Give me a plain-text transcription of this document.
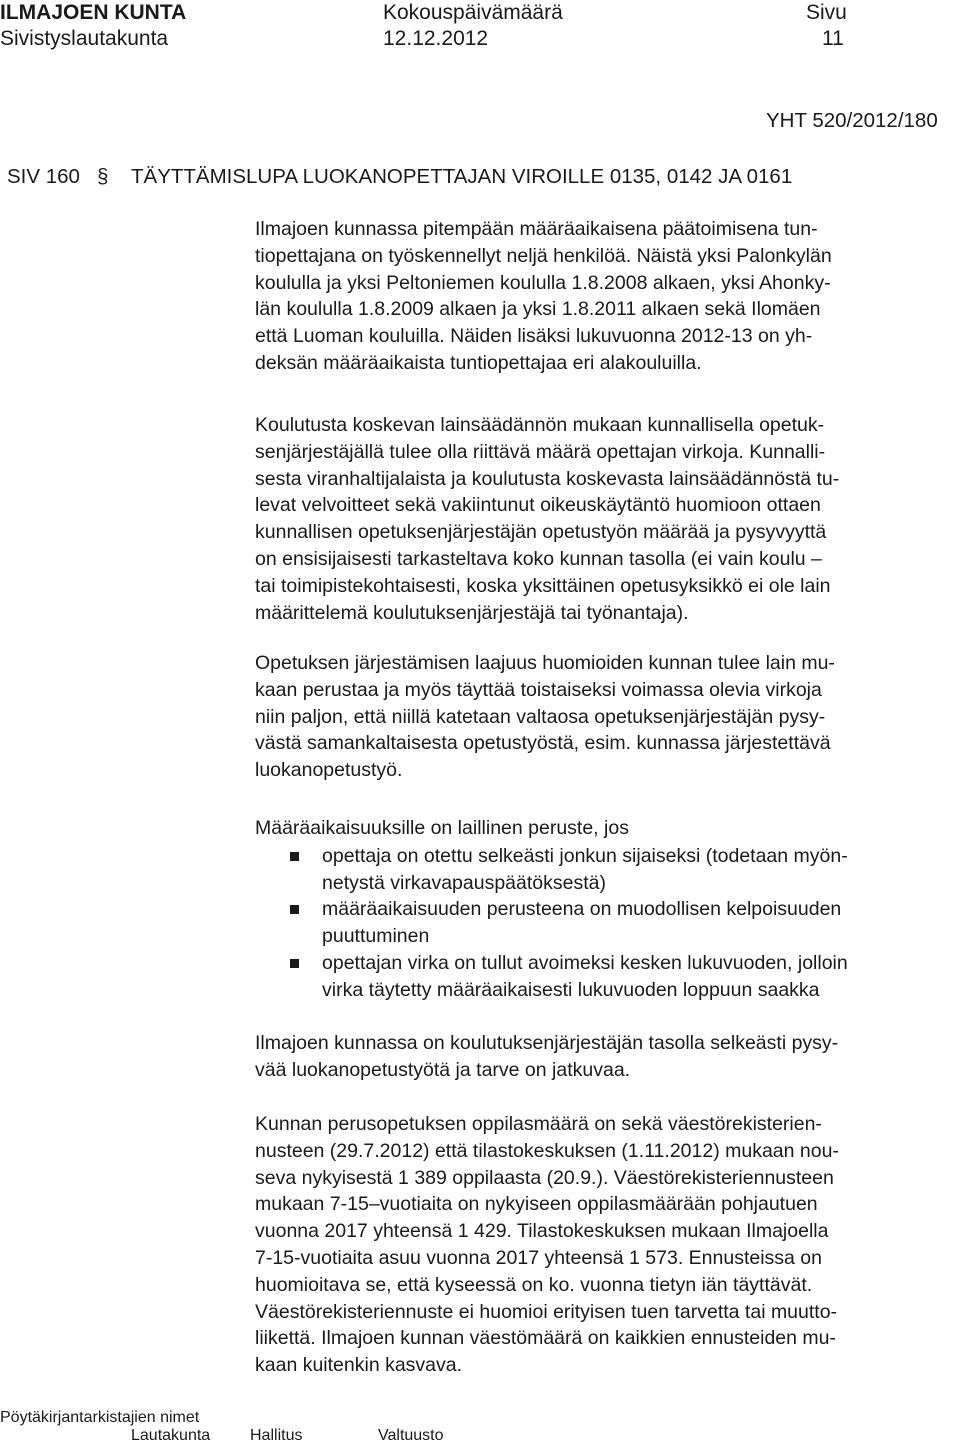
ILMAJOEN KUNTA
Sivistyslautakunta
Kokouspäivämäärä
12.12.2012
Sivu
11
YHT 520/2012/180
SIV 160 § TÄYTTÄMISLUPA LUOKANOPETTAJAN VIROILLE 0135, 0142 JA 0161
Ilmajoen kunnassa pitempään määräaikaisena päätoimisena tun-
tiopettajana on työskennellyt neljä henkilöä. Näistä yksi Palonkylän
koululla ja yksi Peltoniemen koululla 1.8.2008 alkaen, yksi Ahonky-
län koululla 1.8.2009 alkaen ja yksi 1.8.2011 alkaen sekä Ilomäen
että Luoman kouluilla. Näiden lisäksi lukuvuonna 2012-13 on yh-
deksän määräaikaista tuntiopettajaa eri alakouluilla.
Koulutusta koskevan lainsäädännön mukaan kunnallisella opetuk-
senjärjestäjällä tulee olla riittävä määrä opettajan virkoja. Kunnalli-
sesta viranhaltijalaista ja koulutusta koskevasta lainsäädännöstä tu-
levat velvoitteet sekä vakiintunut oikeuskäytäntö huomioon ottaen
kunnallisen opetuksenjärjestäjän opetustyön määrää ja pysyvyyttä
on ensisijaisesti tarkasteltava koko kunnan tasolla (ei vain koulu –
tai toimipistekohtaisesti, koska yksittäinen opetusyksikkö ei ole lain
määrittelemä koulutuksenjärjestäjä tai työnantaja).
Opetuksen järjestämisen laajuus huomioiden kunnan tulee lain mu-
kaan perustaa ja myös täyttää toistaiseksi voimassa olevia virkoja
niin paljon, että niillä katetaan valtaosa opetuksenjärjestäjän pysy-
västä samankaltaisesta opetustyöstä, esim. kunnassa järjestettävä
luokanopetustyö.
Määräaikaisuuksille on laillinen peruste, jos
opettaja on otettu selkeästi jonkun sijaiseksi (todetaan myön-
netystä virkavapauspäätöksestä)
määräaikaisuuden perusteena on muodollisen kelpoisuuden
puuttuminen
opettajan virka on tullut avoimeksi kesken lukuvuoden, jolloin
virka täytetty määräaikaisesti lukuvuoden loppuun saakka
Ilmajoen kunnassa on koulutuksenjärjestäjän tasolla selkeästi pysy-
vää luokanopetustyötä ja tarve on jatkuvaa.
Kunnan perusopetuksen oppilasmäärä on sekä väestörekisterien-
nusteen (29.7.2012) että tilastokeskuksen (1.11.2012) mukaan nou-
seva nykyisestä 1 389 oppilaasta (20.9.). Väestörekisteriennusteen
mukaan 7-15–vuotiaita on nykyiseen oppilasmäärään pohjautuen
vuonna 2017 yhteensä 1 429. Tilastokeskuksen mukaan Ilmajoella
7-15-vuotiaita asuu vuonna 2017 yhteensä 1 573. Ennusteissa on
huomioitava se, että kyseessä on ko. vuonna tietyn iän täyttävät.
Väestörekisteriennuste ei huomioi erityisen tuen tarvetta tai muutto-
liikettä. Ilmajoen kunnan väestömäärä on kaikkien ennusteiden mu-
kaan kuitenkin kasvava.
Pöytäkirjantarkistajien nimet
Lautakunta Hallitus	Valtuusto
